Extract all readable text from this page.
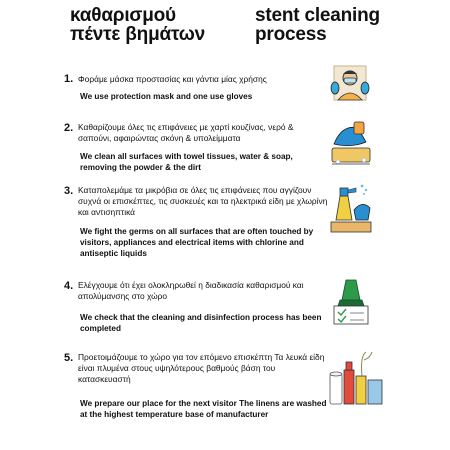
καθαρισμού
πέντε βημάτων
stent cleaning
process
1. Φοράμε μάσκα προστασίας και γάντια μίας χρήσης
We use protection mask and one use gloves
2. Καθαρίζουμε όλες τις επιφάνειες με χαρτί κουζίνας, νερό & σαπούνι, αφαιρώντας σκόνη & υπολείμματα
We clean all surfaces with towel tissues, water & soap, removing the powder & the dirt
3. Καταπολεμάμε τα μικρόβια σε όλες τις επιφάνειες που αγγίζουν συχνά οι επισκέπτες, τις συσκευές και τα ηλεκτρικά είδη με χλωρίνη και αντισηπτικά
We fight the germs on all surfaces that are often touched by visitors, appliances and electrical items with chlorine and antiseptic liquids
4. Ελέγχουμε ότι έχει ολοκληρωθεί η διαδικασία καθαρισμού και απολύμανσης στο χώρο
We check that the cleaning and disinfection process has been completed
5. Προετοιμάζουμε το χώρο για τον επόμενο επισκέπτη Τα λευκά είδη είναι πλυμένα στους υψηλότερους βαθμούς βάση του κατασκευαστή
We prepare our place for the next visitor The linens are washed at the highest temperature base of manufacturer
